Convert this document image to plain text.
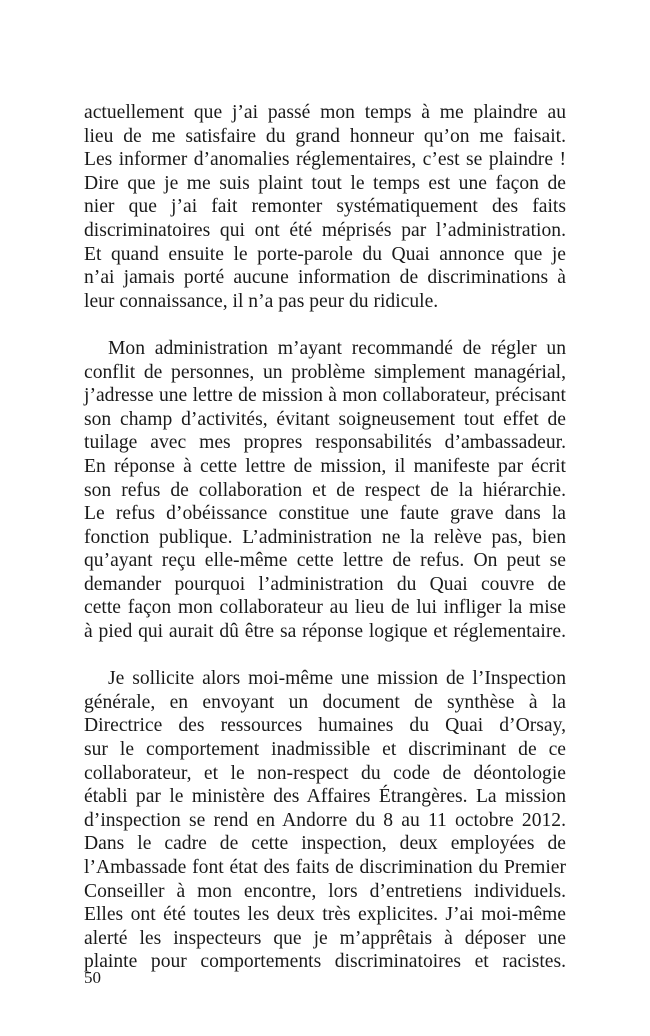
actuellement que j’ai passé mon temps à me plaindre au
lieu de me satisfaire du grand honneur qu’on me faisait.
Les informer d’anomalies réglementaires, c’est se plaindre !
Dire que je me suis plaint tout le temps est une façon de
nier que j’ai fait remonter systématiquement des faits
discriminatoires qui ont été méprisés par l’administration.
Et quand ensuite le porte-parole du Quai annonce que je
n’ai jamais porté aucune information de discriminations à
leur connaissance, il n’a pas peur du ridicule.

Mon administration m’ayant recommandé de régler un
conflit de personnes, un problème simplement managérial,
j’adresse une lettre de mission à mon collaborateur, précisant
son champ d’activités, évitant soigneusement tout effet de
tuilage avec mes propres responsabilités d’ambassadeur.
En réponse à cette lettre de mission, il manifeste par écrit
son refus de collaboration et de respect de la hiérarchie.
Le refus d’obéissance constitue une faute grave dans la
fonction publique. L’administration ne la relève pas, bien
qu’ayant reçu elle-même cette lettre de refus. On peut se
demander pourquoi l’administration du Quai couvre de
cette façon mon collaborateur au lieu de lui infliger la mise
à pied qui aurait dû être sa réponse logique et réglementaire.

Je sollicite alors moi-même une mission de l’Inspection
générale, en envoyant un document de synthèse à la
Directrice des ressources humaines du Quai d’Orsay,
sur le comportement inadmissible et discriminant de ce
collaborateur, et le non-respect du code de déontologie
établi par le ministère des Affaires Étrangères. La mission
d’inspection se rend en Andorre du 8 au 11 octobre 2012.
Dans le cadre de cette inspection, deux employées de
l’Ambassade font état des faits de discrimination du Premier
Conseiller à mon encontre, lors d’entretiens individuels.
Elles ont été toutes les deux très explicites. J’ai moi-même
alerté les inspecteurs que je m’apprêtais à déposer une
plainte pour comportements discriminatoires et racistes.

50
